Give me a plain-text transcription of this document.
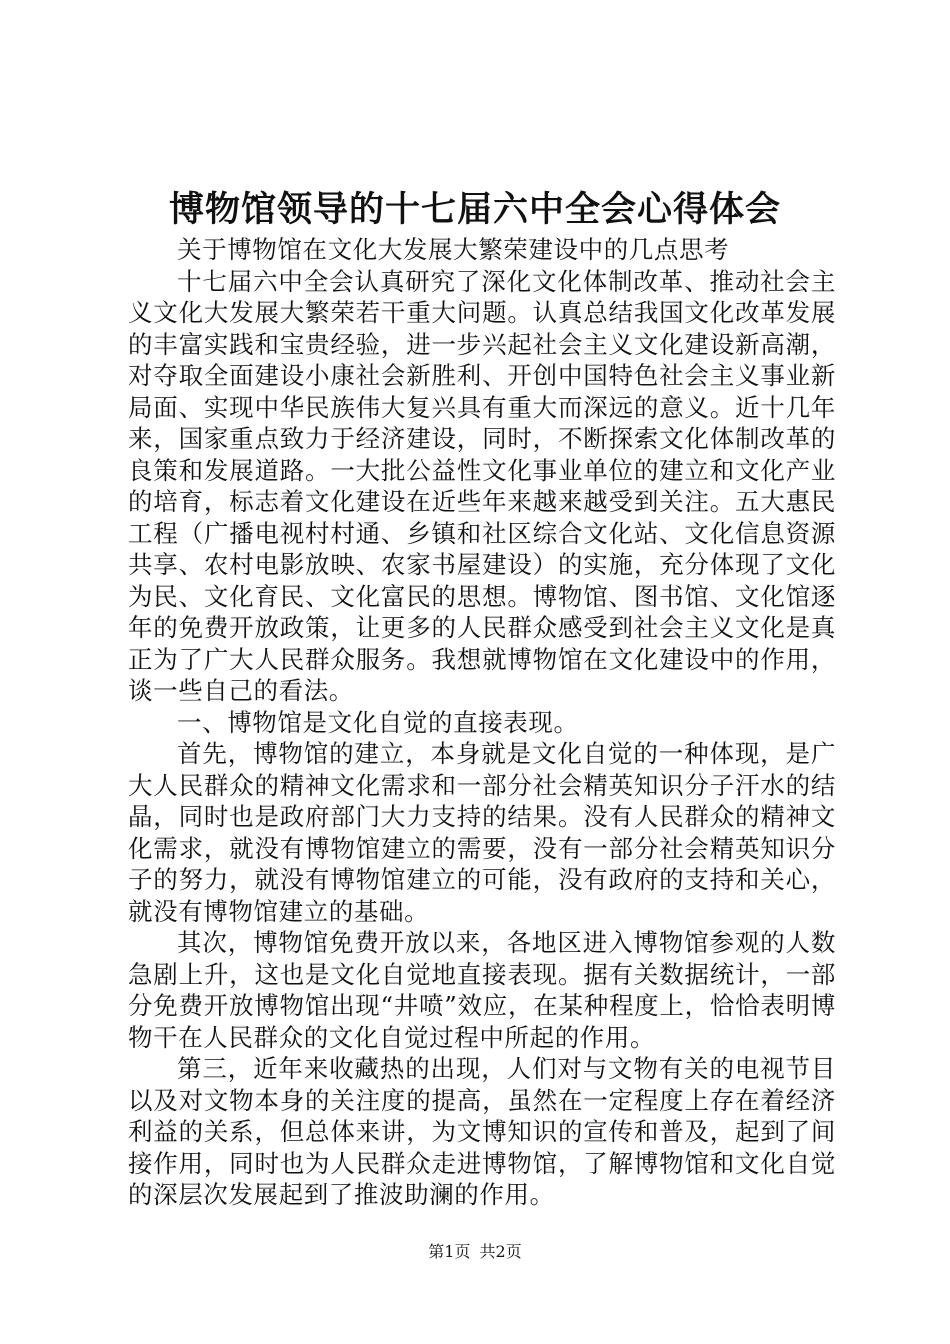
博物馆领导的十七届六中全会心得体会

关于博物馆在文化大发展大繁荣建设中的几点思考

十七届六中全会认真研究了深化文化体制改革、推动社会主义文化大发展大繁荣若干重大问题。认真总结我国文化改革发展的丰富实践和宝贵经验，进一步兴起社会主义文化建设新高潮，对夺取全面建设小康社会新胜利、开创中国特色社会主义事业新局面、实现中华民族伟大复兴具有重大而深远的意义。近十几年来，国家重点致力于经济建设，同时，不断探索文化体制改革的良策和发展道路。一大批公益性文化事业单位的建立和文化产业的培育，标志着文化建设在近些年来越来越受到关注。五大惠民工程（广播电视村村通、乡镇和社区综合文化站、文化信息资源共享、农村电影放映、农家书屋建设）的实施，充分体现了文化为民、文化育民、文化富民的思想。博物馆、图书馆、文化馆逐年的免费开放政策，让更多的人民群众感受到社会主义文化是真正为了广大人民群众服务。我想就博物馆在文化建设中的作用，谈一些自己的看法。

一、博物馆是文化自觉的直接表现。

首先，博物馆的建立，本身就是文化自觉的一种体现，是广大人民群众的精神文化需求和一部分社会精英知识分子汗水的结晶，同时也是政府部门大力支持的结果。没有人民群众的精神文化需求，就没有博物馆建立的需要，没有一部分社会精英知识分子的努力，就没有博物馆建立的可能，没有政府的支持和关心，就没有博物馆建立的基础。

其次，博物馆免费开放以来，各地区进入博物馆参观的人数急剧上升，这也是文化自觉地直接表现。据有关数据统计，一部分免费开放博物馆出现“井喷”效应，在某种程度上，恰恰表明博物干在人民群众的文化自觉过程中所起的作用。

第三，近年来收藏热的出现，人们对与文物有关的电视节目以及对文物本身的关注度的提高，虽然在一定程度上存在着经济利益的关系，但总体来讲，为文博知识的宣传和普及，起到了间接作用，同时也为人民群众走进博物馆，了解博物馆和文化自觉的深层次发展起到了推波助澜的作用。

第1页 共2页
